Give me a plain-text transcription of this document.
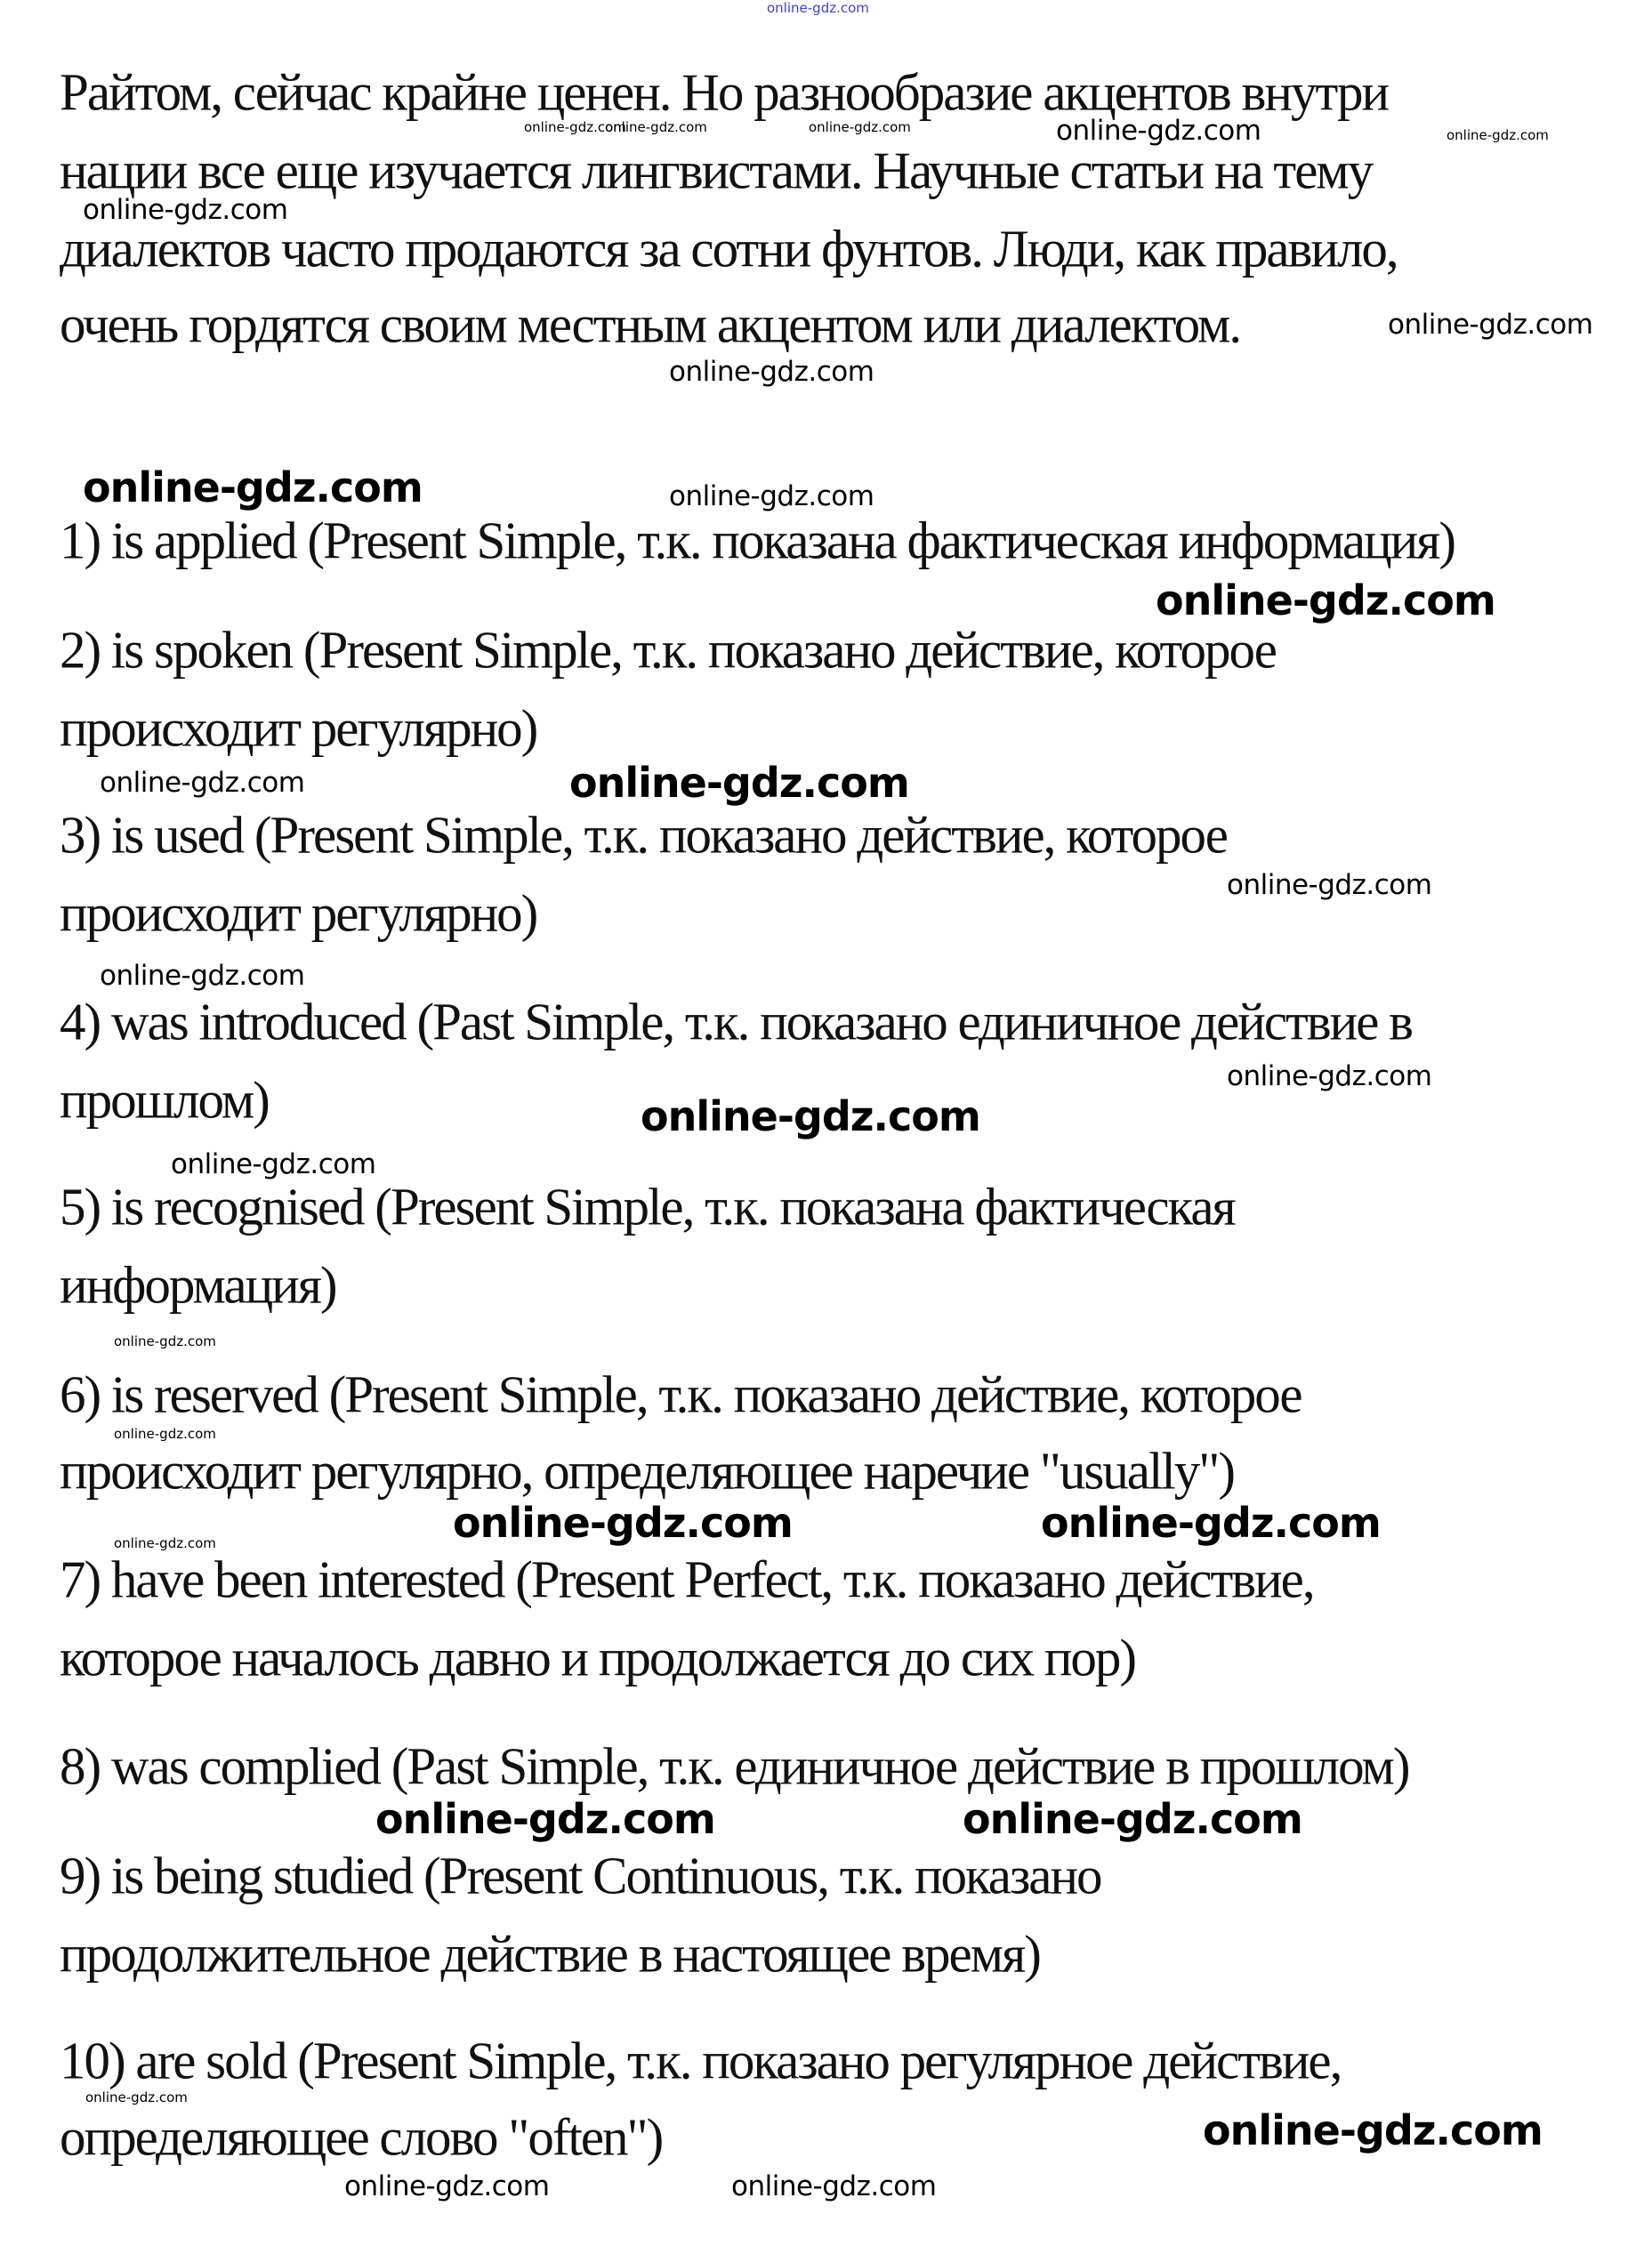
online-gdz.com
Райтом, сейчас крайне ценен. Но разнообразие акцентов внутри
нации все еще изучается лингвистами. Научные статьи на тему
диалектов часто продаются за сотни фунтов. Люди, как правило,
очень гордятся своим местным акцентом или диалектом.
1) is applied (Present Simple, т.к. показана фактическая информация)
2) is spoken (Present Simple, т.к. показано действие, которое
происходит регулярно)
3) is used (Present Simple, т.к. показано действие, которое
происходит регулярно)
4) was introduced (Past Simple, т.к. показано единичное действие в
прошлом)
5) is recognised (Present Simple, т.к. показана фактическая
информация)
6) is reserved (Present Simple, т.к. показано действие, которое
происходит регулярно, определяющее наречие "usually")
7) have been interested (Present Perfect, т.к. показано действие,
которое началось давно и продолжается до сих пор)
8) was complied (Past Simple, т.к. единичное действие в прошлом)
9) is being studied (Present Continuous, т.к. показано
продолжительное действие в настоящее время)
10) are sold (Present Simple, т.к. показано регулярное действие,
определяющее слово "often")
online-gdz.com
online-gdz.com
online-gdz.com
online-gdz.com
online-gdz.com	online-gdz.com
online-gdz.com	online-gdz.com
online-gdz.com
online-gdz.com
online-gdz.com
online-gdz.com
online-gdz.com
online-gdz.com
online-gdz.com
online-gdz.com
online-gdz.com
online-gdz.com
online-gdz.com
online-gdz.com	online-gdz.com
online-gdz.com
online-gdz.com	online-gdz.com	online-gdz.com
online-gdz.com
online-gdz.com
online-gdz.com
online-gdz.com
